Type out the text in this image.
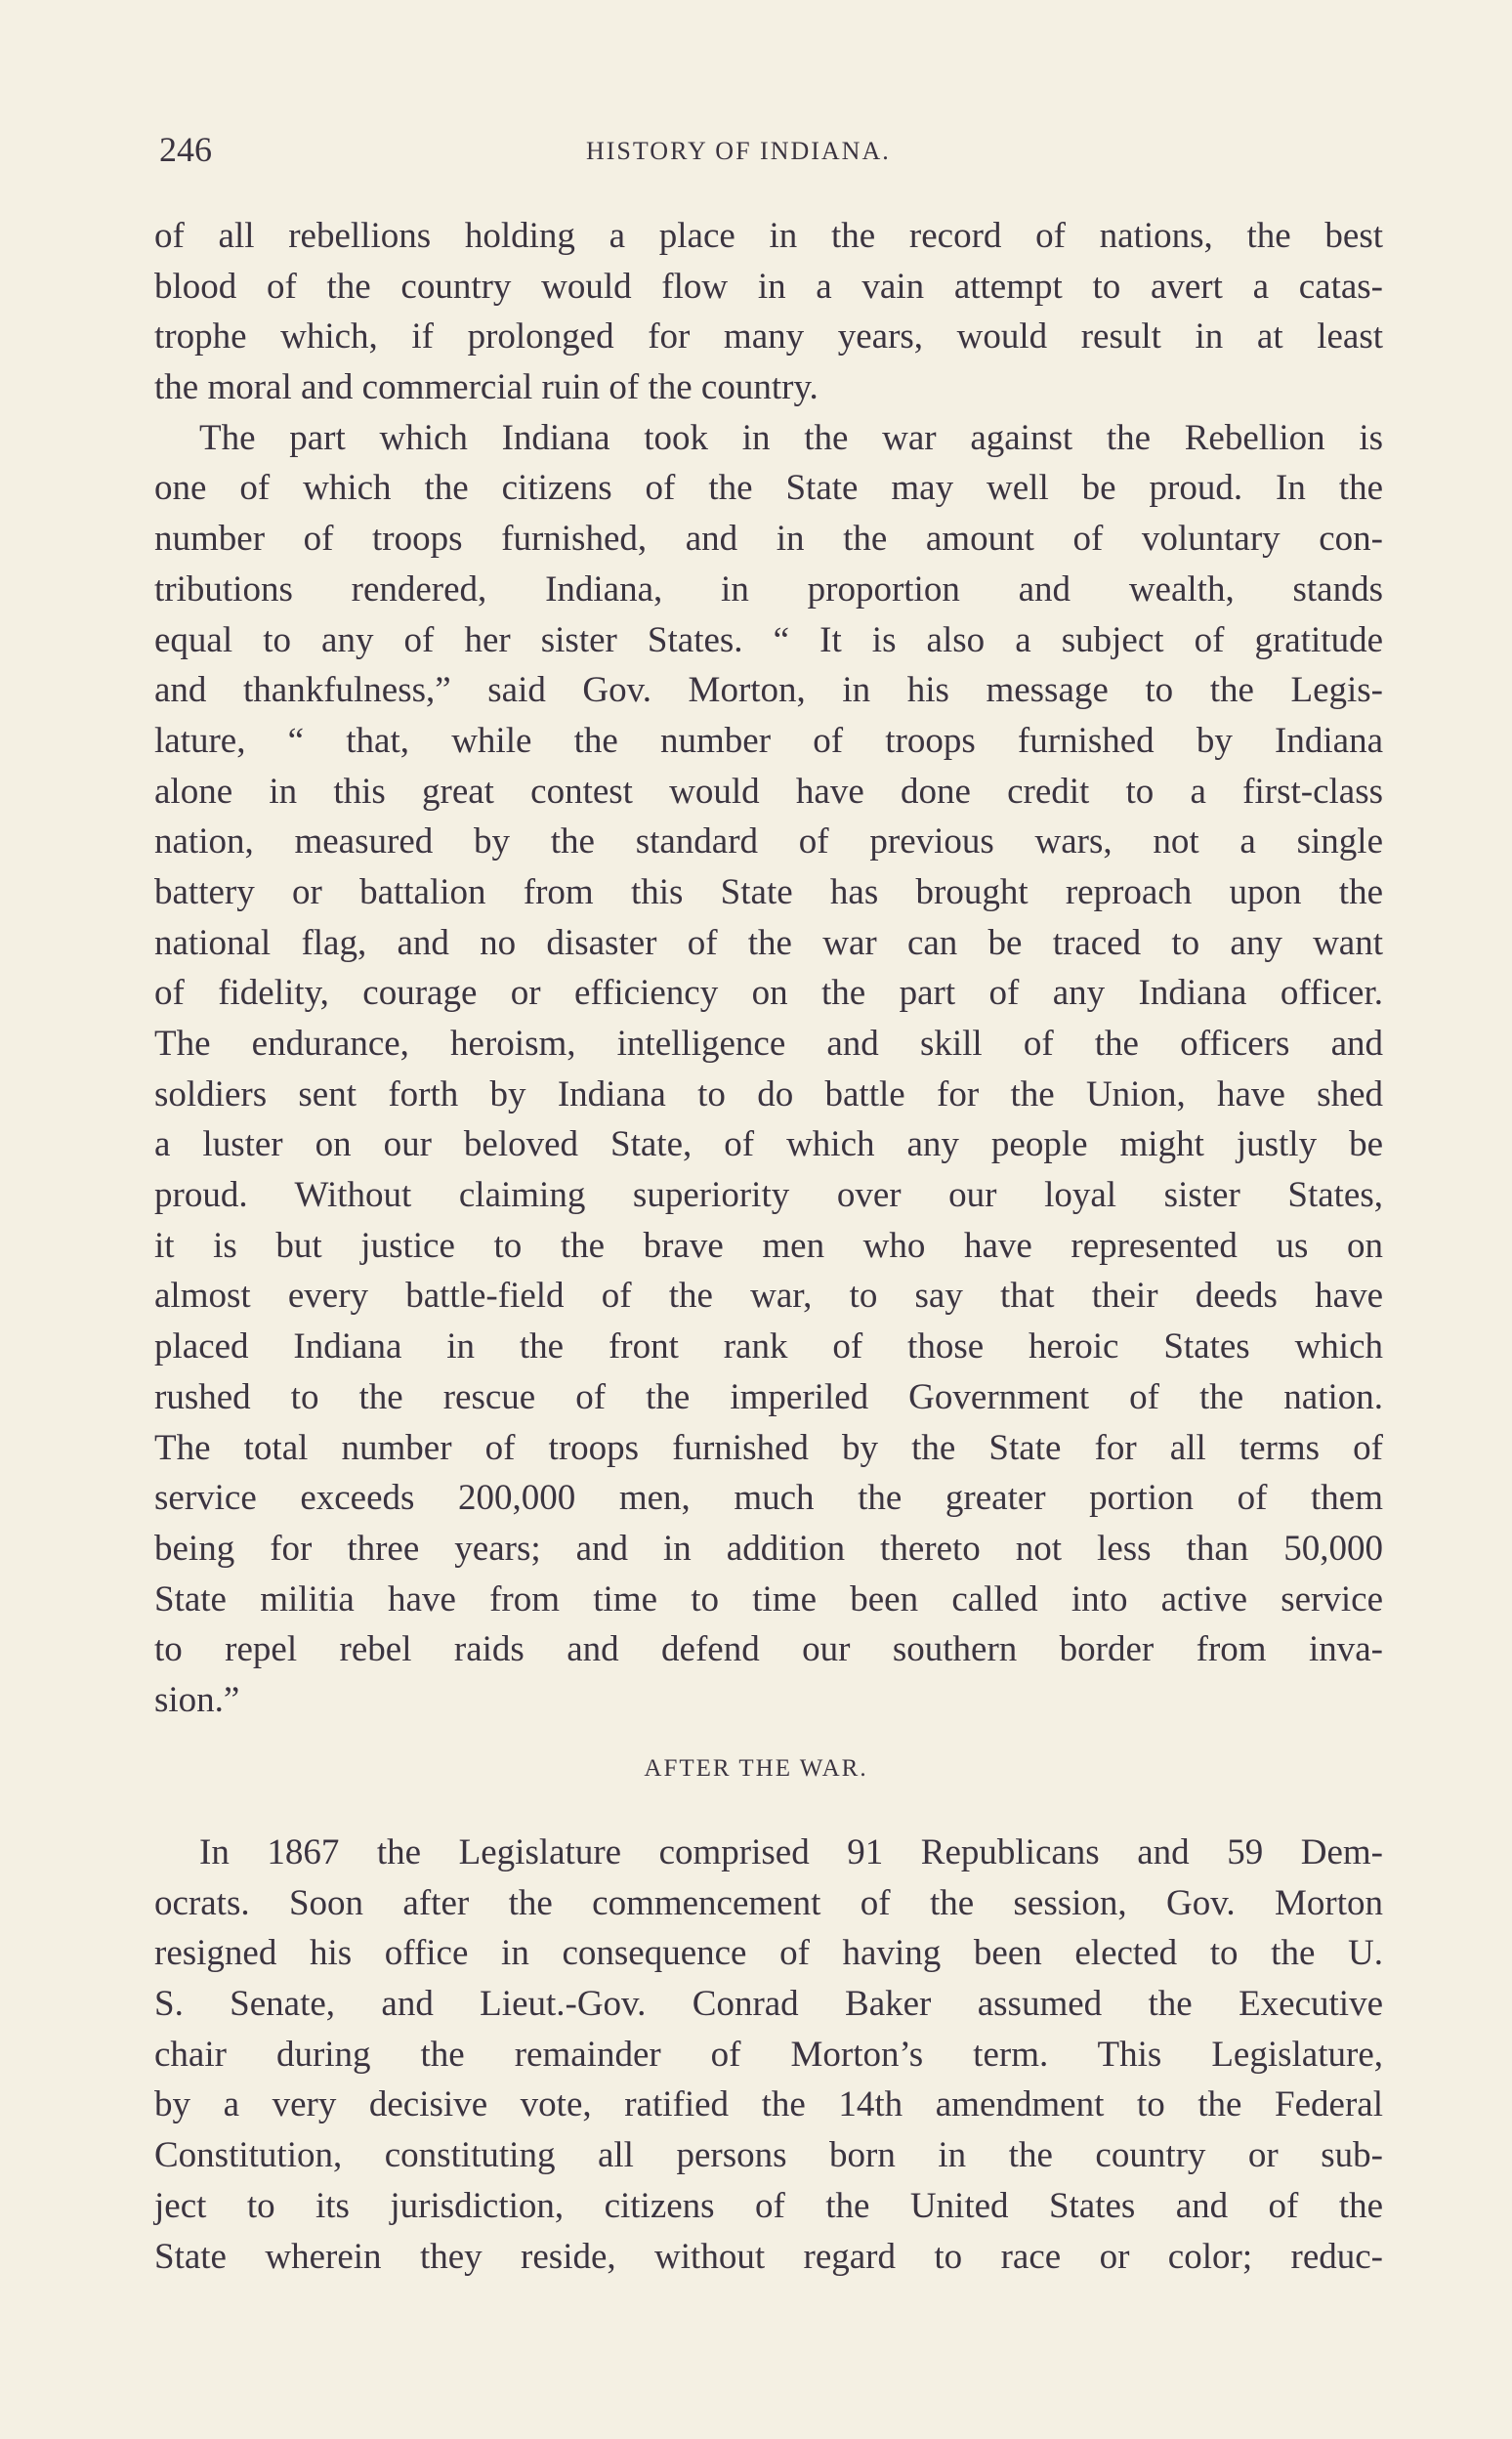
246	HISTORY OF INDIANA.
of all rebellions holding a place in the record of nations, the best
blood of the country would flow in a vain attempt to avert a catas-
trophe which, if prolonged for many years, would result in at least
the moral and commercial ruin of the country.
The part which Indiana took in the war against the Rebellion is
one of which the citizens of the State may well be proud. In the
number of troops furnished, and in the amount of voluntary con-
tributions rendered, Indiana, in proportion and wealth, stands
equal to any of her sister States. “ It is also a subject of gratitude
and thankfulness,” said Gov. Morton, in his message to the Legis-
lature, “ that, while the number of troops furnished by Indiana
alone in this great contest would have done credit to a first-class
nation, measured by the standard of previous wars, not a single
battery or battalion from this State has brought reproach upon the
national flag, and no disaster of the war can be traced to any want
of fidelity, courage or efficiency on the part of any Indiana officer.
The endurance, heroism, intelligence and skill of the officers and
soldiers sent forth by Indiana to do battle for the Union, have shed
a luster on our beloved State, of which any people might justly be
proud. Without claiming superiority over our loyal sister States,
it is but justice to the brave men who have represented us on
almost every battle-field of the war, to say that their deeds have
placed Indiana in the front rank of those heroic States which
rushed to the rescue of the imperiled Government of the nation.
The total number of troops furnished by the State for all terms of
service exceeds 200,000 men, much the greater portion of them
being for three years; and in addition thereto not less than 50,000
State militia have from time to time been called into active service
to repel rebel raids and defend our southern border from inva-
sion.”
AFTER THE WAR.
In 1867 the Legislature comprised 91 Republicans and 59 Dem-
ocrats. Soon after the commencement of the session, Gov. Morton
resigned his office in consequence of having been elected to the U.
S. Senate, and Lieut.-Gov. Conrad Baker assumed the Executive
chair during the remainder of Morton’s term. This Legislature,
by a very decisive vote, ratified the 14th amendment to the Federal
Constitution, constituting all persons born in the country or sub-
ject to its jurisdiction, citizens of the United States and of the
State wherein they reside, without regard to race or color; reduc-
